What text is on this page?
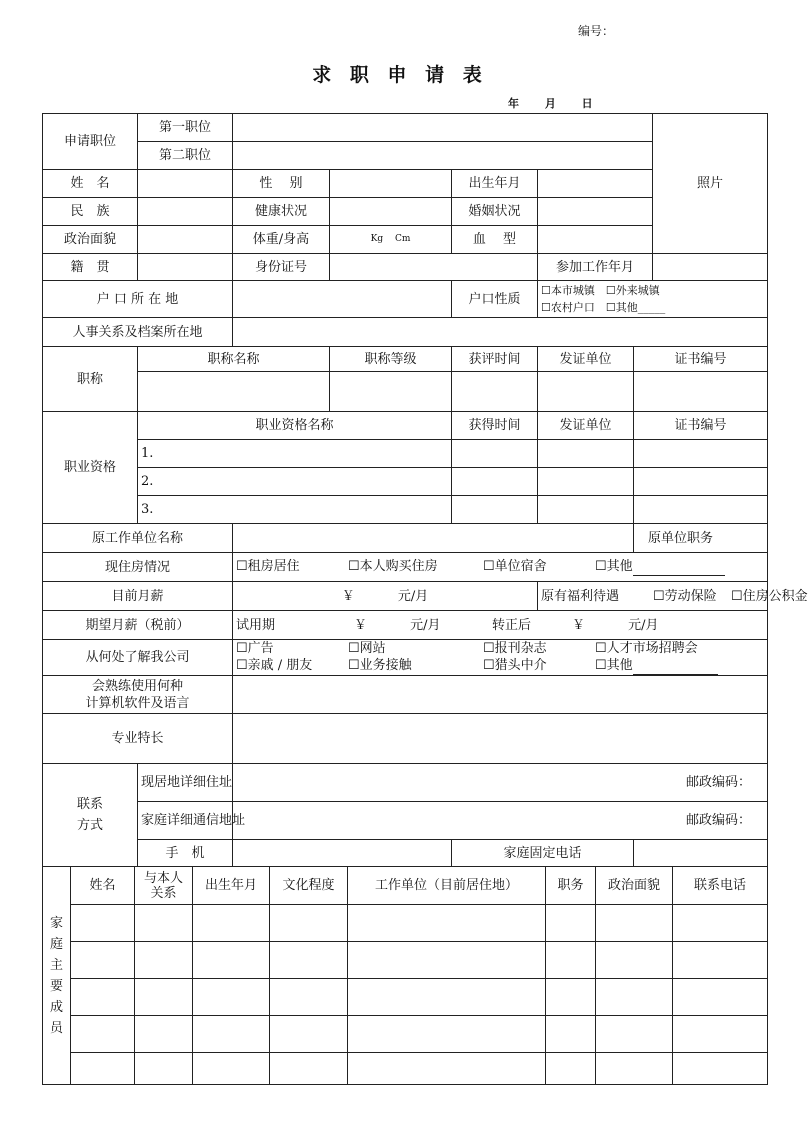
编号：
求 职 申 请 表
年 月 日
申请职位	第一职位						照片
	第二职位						
姓　名		性　 别		出生年月			
民　族		健康状况		婚姻状况			
政治面貌		体重/身高	Kg　 Cm	血　 型			
籍　贯		身份证号			参加工作年月		
户 口 所 在 地				户口性质	☐本市城镇　☐外来城镇
☐农村户口　☐其他_____		

人事关系及档案所在地							
职称	职称名称		职称等级	获评时间	发证单位	证书编号	

职业资格	职业资格名称			获得时间	发证单位	证书编号	
	1.						
	2.						
	3.						
原工作单位名称						原单位职务	
现住房情况		☐租房居住 ☐本人购买住房 ☐单位宿舍 ☐其他					
目前月薪		￥　　　 元/月			原有福利待遇 ☐劳动保险 ☐住房公积金		
期望月薪（税前）		试用期 ￥　　　 元/月 转正后 ￥　　　 元/月					
从何处了解我公司		☐广告 ☐网站 ☐报刊杂志 ☐人才市场招聘会
☐亲戚 / 朋友 ☐业务接触 ☐猎头中介 ☐其他					

会熟练使用何种
计算机软件及语言							

专业特长							

联系方式	现居地详细住址	邮政编码：					
	家庭详细通信地址	邮政编码：					
	手　机			家庭固定电话			
家庭主要成员	姓名	与本人关系	出生年月	文化程度	工作单位（目前居住地）	职务	政治面貌	联系电话
